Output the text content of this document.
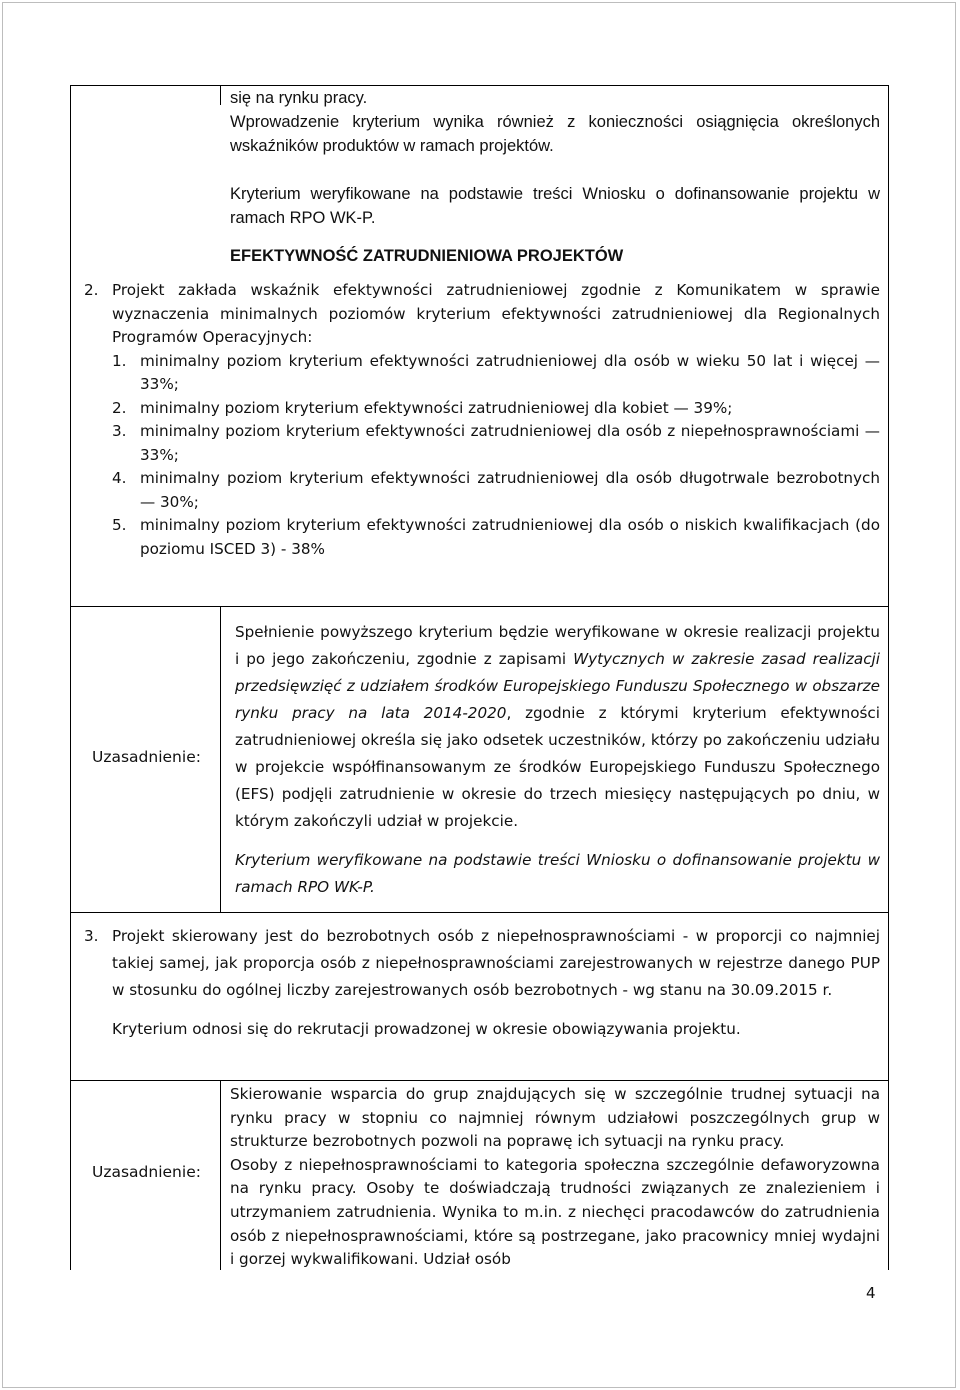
się na rynku pracy.

Wprowadzenie kryterium wynika również z konieczności osiągnięcia określonych wskaźników produktów w ramach projektów.

Kryterium weryfikowane na podstawie treści Wniosku o dofinansowanie projektu w ramach RPO WK-P.

EFEKTYWNOŚĆ ZATRUDNIENIOWA PROJEKTÓW

2. Projekt zakłada wskaźnik efektywności zatrudnieniowej zgodnie z Komunikatem w sprawie wyznaczenia minimalnych poziomów kryterium efektywności zatrudnieniowej dla Regionalnych Programów Operacyjnych:
1. minimalny poziom kryterium efektywności zatrudnieniowej dla osób w wieku 50 lat i więcej — 33%;
2. minimalny poziom kryterium efektywności zatrudnieniowej dla kobiet — 39%;
3. minimalny poziom kryterium efektywności zatrudnieniowej dla osób z niepełnosprawnościami — 33%;
4. minimalny poziom kryterium efektywności zatrudnieniowej dla osób długotrwale bezrobotnych — 30%;
5. minimalny poziom kryterium efektywności zatrudnieniowej dla osób o niskich kwalifikacjach (do poziomu ISCED 3) - 38%
Uzasadnienie:

Spełnienie powyższego kryterium będzie weryfikowane w okresie realizacji projektu i po jego zakończeniu, zgodnie z zapisami Wytycznych w zakresie zasad realizacji przedsięwzięć z udziałem środków Europejskiego Funduszu Społecznego w obszarze rynku pracy na lata 2014-2020, zgodnie z którymi kryterium efektywności zatrudnieniowej określa się jako odsetek uczestników, którzy po zakończeniu udziału w projekcie współfinansowanym ze środków Europejskiego Funduszu Społecznego (EFS) podjęli zatrudnienie w okresie do trzech miesięcy następujących po dniu, w którym zakończyli udział w projekcie.

Kryterium weryfikowane na podstawie treści Wniosku o dofinansowanie projektu w ramach RPO WK-P.

3. Projekt skierowany jest do bezrobotnych osób z niepełnosprawnościami - w proporcji co najmniej takiej samej, jak proporcja osób z niepełnosprawnościami zarejestrowanych w rejestrze danego PUP w stosunku do ogólnej liczby zarejestrowanych osób bezrobotnych - wg stanu na 30.09.2015 r.

Kryterium odnosi się do rekrutacji prowadzonej w okresie obowiązywania projektu.

Uzasadnienie:

Skierowanie wsparcia do grup znajdujących się w szczególnie trudnej sytuacji na rynku pracy w stopniu co najmniej równym udziałowi poszczególnych grup w strukturze bezrobotnych pozwoli na poprawę ich sytuacji na rynku pracy.

Osoby z niepełnosprawnościami to kategoria społeczna szczególnie defaworyzowna na rynku pracy. Osoby te doświadczają trudności związanych ze znalezieniem i utrzymaniem zatrudnienia. Wynika to m.in. z niechęci pracodawców do zatrudnienia osób z niepełnosprawnościami, które są postrzegane, jako pracownicy mniej wydajni i gorzej wykwalifikowani. Udział osób

4
